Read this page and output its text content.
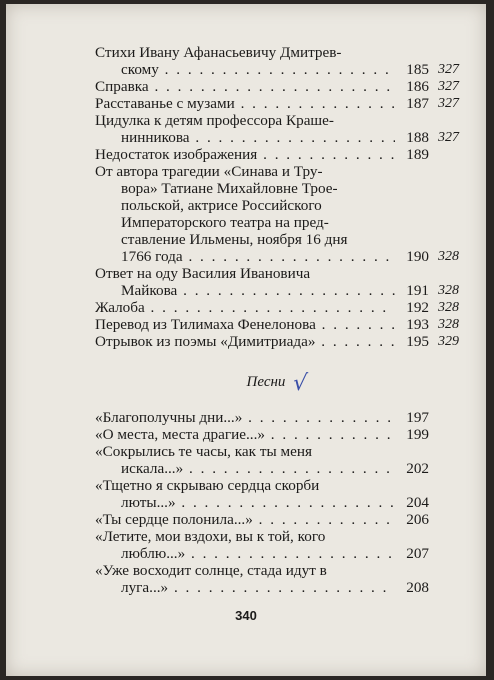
Стихи Ивану Афанасьевичу Дмитрев-
скому . . .	185 327
Справка . . .	186 327
Расставанье с музами . . .	187 327
Цидулка к детям профессора Крашe-
нинникова . . .	188 327
Недостаток изображения . . .	189
От автора трагедии «Синава и Тру-
вора» Татиане Михайловне Трое-
польской, актрисе Российского
Императорского театра на пред-
ставление Ильмены, ноября 16 дня
1766 года . . .	190 328
Ответ на оду Василия Ивановича
Майкова . . .	191 328
Жалоба . . .	192 328
Перевод из Тилимаха Фенелонова . . .	193 328
Отрывок из поэмы «Димитриада» . . .	195 329
Песни √
«Благополучны дни...» . . .	197
«О места, места драгие...» . . .	199
«Сокрылись те часы, как ты меня
искала...» . . .	202
«Тщетно я скрываю сердца скорби
люты...» . . .	204
«Ты сердце полонила...» . . .	206
«Летите, мои вздохи, вы к той, кого
люблю...» . . .	207
«Уже восходит солнце, стада идут в
луга...» . . .	208
340
